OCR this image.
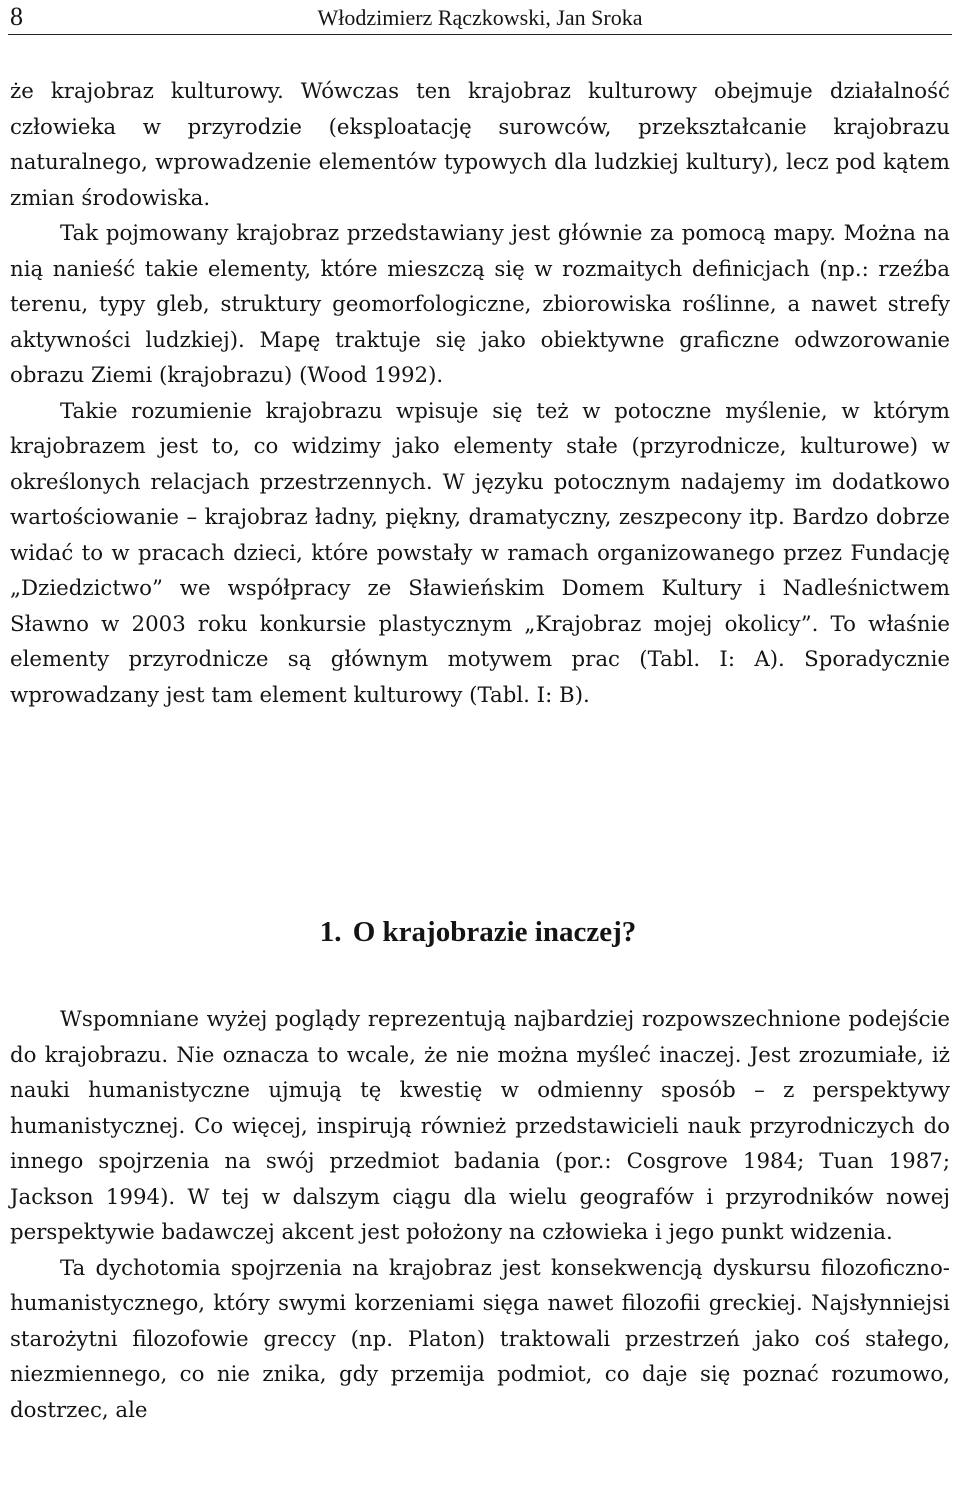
8	Włodzimierz Rączkowski, Jan Sroka

że krajobraz kulturowy. Wówczas ten krajobraz kulturowy obejmuje działalność człowieka w przyrodzie (eksploatację surowców, przekształcanie krajobrazu naturalnego, wprowadzenie elementów typowych dla ludzkiej kultury), lecz pod kątem zmian środowiska.

Tak pojmowany krajobraz przedstawiany jest głównie za pomocą mapy. Można na nią nanieść takie elementy, które mieszczą się w rozmaitych definicjach (np.: rzeźba terenu, typy gleb, struktury geomorfologiczne, zbiorowiska roślinne, a nawet strefy aktywności ludzkiej). Mapę traktuje się jako obiektywne graficzne odwzorowanie obrazu Ziemi (krajobrazu) (Wood 1992).

Takie rozumienie krajobrazu wpisuje się też w potoczne myślenie, w którym krajobrazem jest to, co widzimy jako elementy stałe (przyrodnicze, kulturowe) w określonych relacjach przestrzennych. W języku potocznym nadajemy im dodatkowo wartościowanie – krajobraz ładny, piękny, dramatyczny, zeszpecony itp. Bardzo dobrze widać to w pracach dzieci, które powstały w ramach organizowanego przez Fundację „Dziedzictwo” we współpracy ze Sławieńskim Domem Kultury i Nadleśnictwem Sławno w 2003 roku konkursie plastycznym „Krajobraz mojej okolicy”. To właśnie elementy przyrodnicze są głównym motywem prac (Tabl. I: A). Sporadycznie wprowadzany jest tam element kulturowy (Tabl. I: B).

1. O krajobrazie inaczej?

Wspomniane wyżej poglądy reprezentują najbardziej rozpowszechnione podejście do krajobrazu. Nie oznacza to wcale, że nie można myśleć inaczej. Jest zrozumiałe, iż nauki humanistyczne ujmują tę kwestię w odmienny sposób – z perspektywy humanistycznej. Co więcej, inspirują również przedstawicieli nauk przyrodniczych do innego spojrzenia na swój przedmiot badania (por.: Cosgrove 1984; Tuan 1987; Jackson 1994). W tej w dalszym ciągu dla wielu geografów i przyrodników nowej perspektywie badawczej akcent jest położony na człowieka i jego punkt widzenia.

Ta dychotomia spojrzenia na krajobraz jest konsekwencją dyskursu filozoficzno-humanistycznego, który swymi korzeniami sięga nawet filozofii greckiej. Najsłynniejsi starożytni filozofowie greccy (np. Platon) traktowali przestrzeń jako coś stałego, niezmiennego, co nie znika, gdy przemija podmiot, co daje się poznać rozumowo, dostrzec, ale
